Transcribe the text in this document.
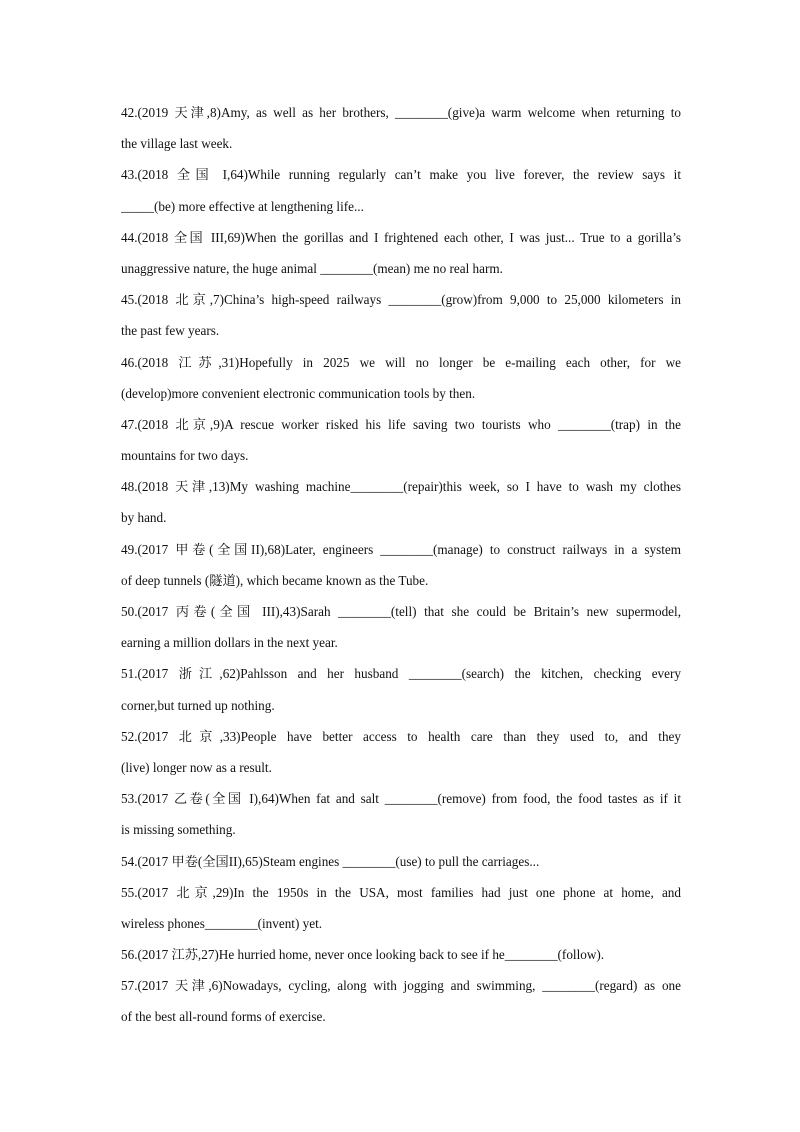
42.(2019 天津,8)Amy, as well as her brothers, ________(give)a warm welcome when returning to
the village last week.
43.(2018 全国 I,64)While running regularly can’t make you live forever, the review says it
_____(be) more effective at lengthening life...
44.(2018 全国 III,69)When the gorillas and I frightened each other, I was just... True to a gorilla’s
unaggressive nature, the huge animal ________(mean) me no real harm.
45.(2018 北京,7)China’s high-speed railways ________(grow)from 9,000 to 25,000 kilometers in
the past few years.
46.(2018 江苏,31)Hopefully in 2025 we will no longer be e-mailing each other, for we
(develop)more convenient electronic communication tools by then.
47.(2018 北京,9)A rescue worker risked his life saving two tourists who ________(trap) in the
mountains for two days.
48.(2018 天津,13)My washing machine________(repair)this week, so I have to wash my clothes
by hand.
49.(2017 甲卷(全国II),68)Later, engineers ________(manage) to construct railways in a system
of deep tunnels (隧道), which became known as the Tube.
50.(2017 丙卷(全国 III),43)Sarah ________(tell) that she could be Britain’s new supermodel,
earning a million dollars in the next year.
51.(2017 浙江,62)Pahlsson and her husband ________(search) the kitchen, checking every
corner,but turned up nothing.
52.(2017 北京,33)People have better access to health care than they used to, and they
(live) longer now as a result.
53.(2017 乙卷(全国 I),64)When fat and salt ________(remove) from food, the food tastes as if it
is missing something.
54.(2017 甲卷(全国II),65)Steam engines ________(use) to pull the carriages...
55.(2017 北京,29)In the 1950s in the USA, most families had just one phone at home, and
wireless phones________(invent) yet.
56.(2017 江苏,27)He hurried home, never once looking back to see if he________(follow).
57.(2017 天津,6)Nowadays, cycling, along with jogging and swimming, ________(regard) as one
of the best all-round forms of exercise.
